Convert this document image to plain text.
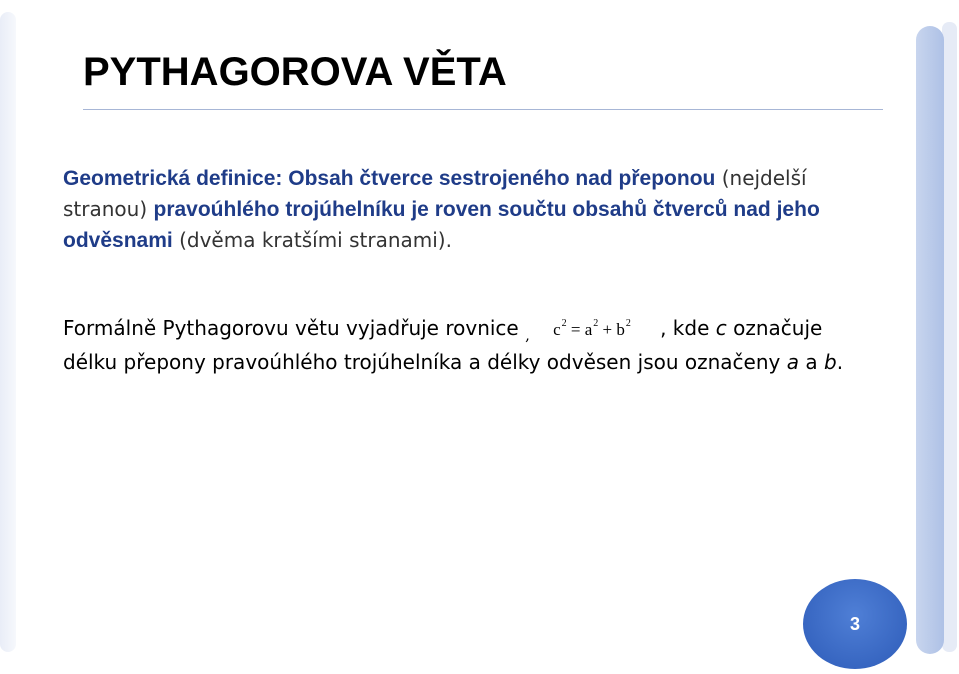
PYTHAGOROVA VĚTA

Geometrická definice: Obsah čtverce sestrojeného nad přeponou (nejdelší stranou) pravoúhlého trojúhelníku je roven součtu obsahů čtverců nad jeho odvěsnami (dvěma kratšími stranami).

Formálně Pythagorovu větu vyjadřuje rovnice , $c^2 = a^2 + b^2$ , kde c označuje
délku přepony pravoúhlého trojúhelníka a délky odvěsen jsou označeny a a b.

3
